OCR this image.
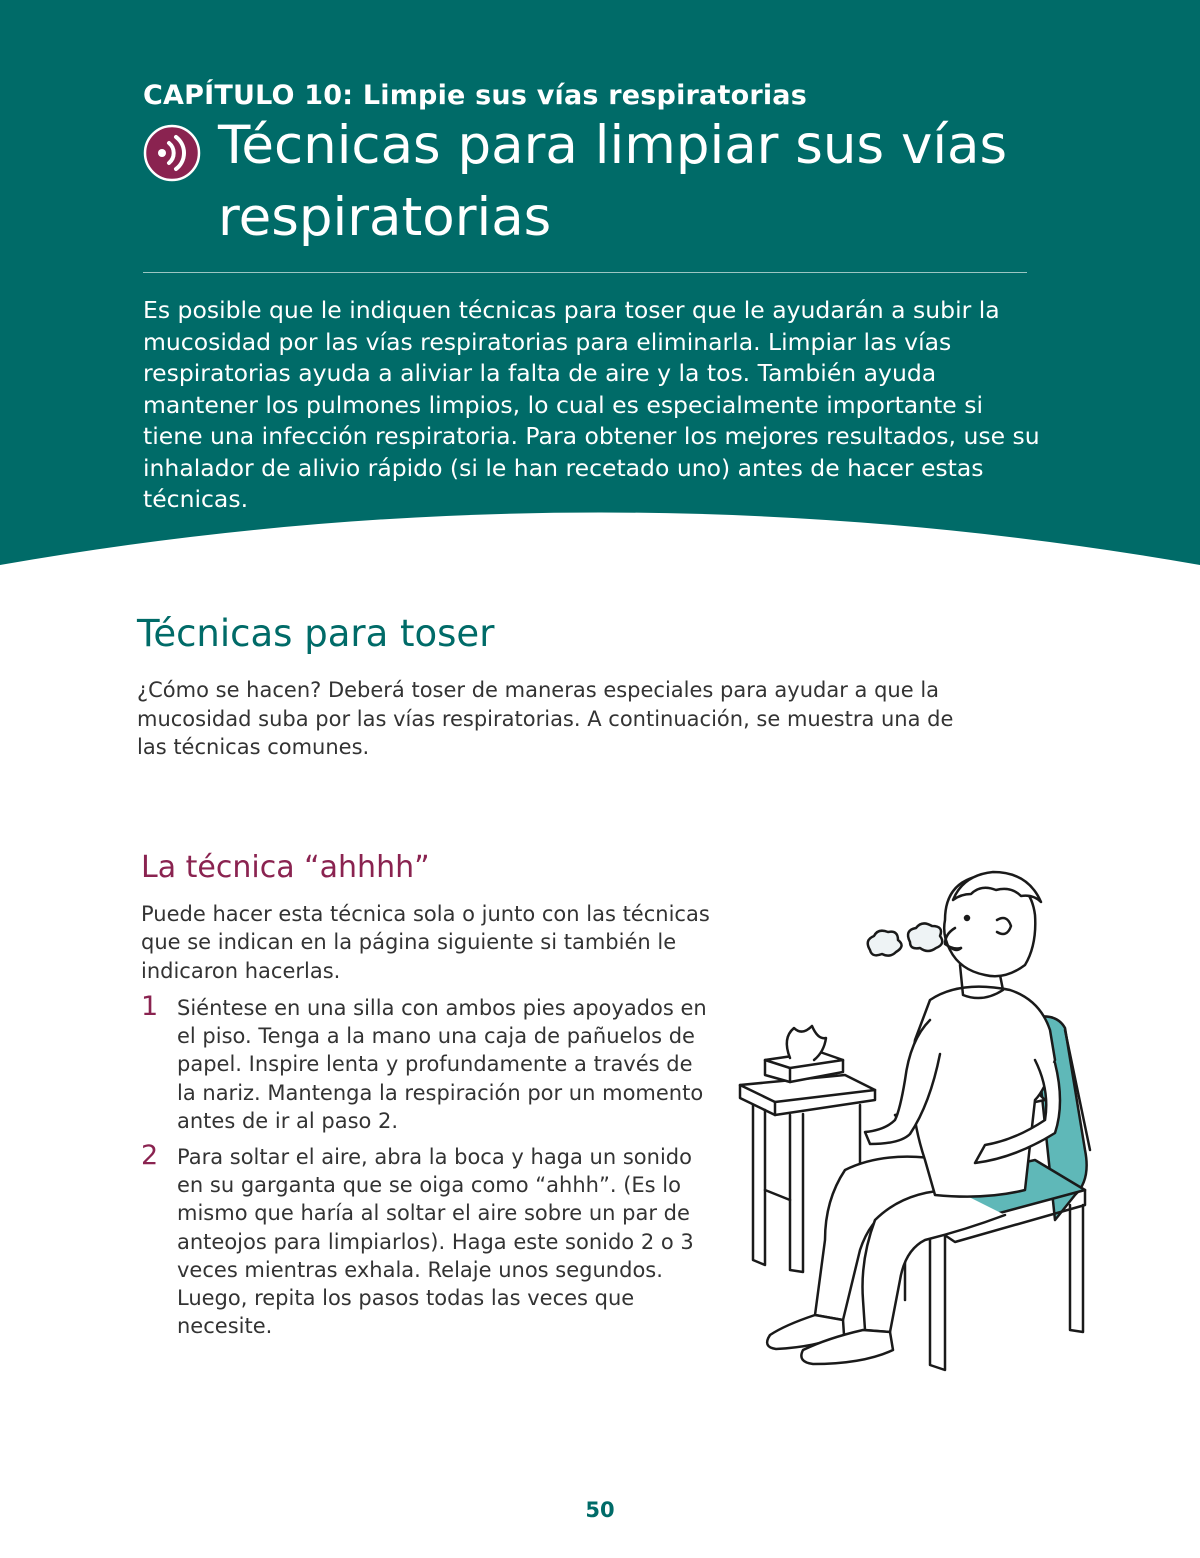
CAPÍTULO 10: Limpie sus vías respiratorias
Técnicas para limpiar sus vías respiratorias

Es posible que le indiquen técnicas para toser que le ayudarán a subir la mucosidad por las vías respiratorias para eliminarla. Limpiar las vías respiratorias ayuda a aliviar la falta de aire y la tos. También ayuda mantener los pulmones limpios, lo cual es especialmente importante si tiene una infección respiratoria. Para obtener los mejores resultados, use su inhalador de alivio rápido (si le han recetado uno) antes de hacer estas técnicas.

Técnicas para toser

¿Cómo se hacen? Deberá toser de maneras especiales para ayudar a que la mucosidad suba por las vías respiratorias. A continuación, se muestra una de las técnicas comunes.

La técnica “ahhhh”

Puede hacer esta técnica sola o junto con las técnicas que se indican en la página siguiente si también le indicaron hacerlas.

1 Siéntese en una silla con ambos pies apoyados en el piso. Tenga a la mano una caja de pañuelos de papel. Inspire lenta y profundamente a través de la nariz. Mantenga la respiración por un momento antes de ir al paso 2.
2 Para soltar el aire, abra la boca y haga un sonido en su garganta que se oiga como “ahhh”. (Es lo mismo que haría al soltar el aire sobre un par de anteojos para limpiarlos). Haga este sonido 2 o 3 veces mientras exhala. Relaje unos segundos. Luego, repita los pasos todas las veces que necesite.
50
